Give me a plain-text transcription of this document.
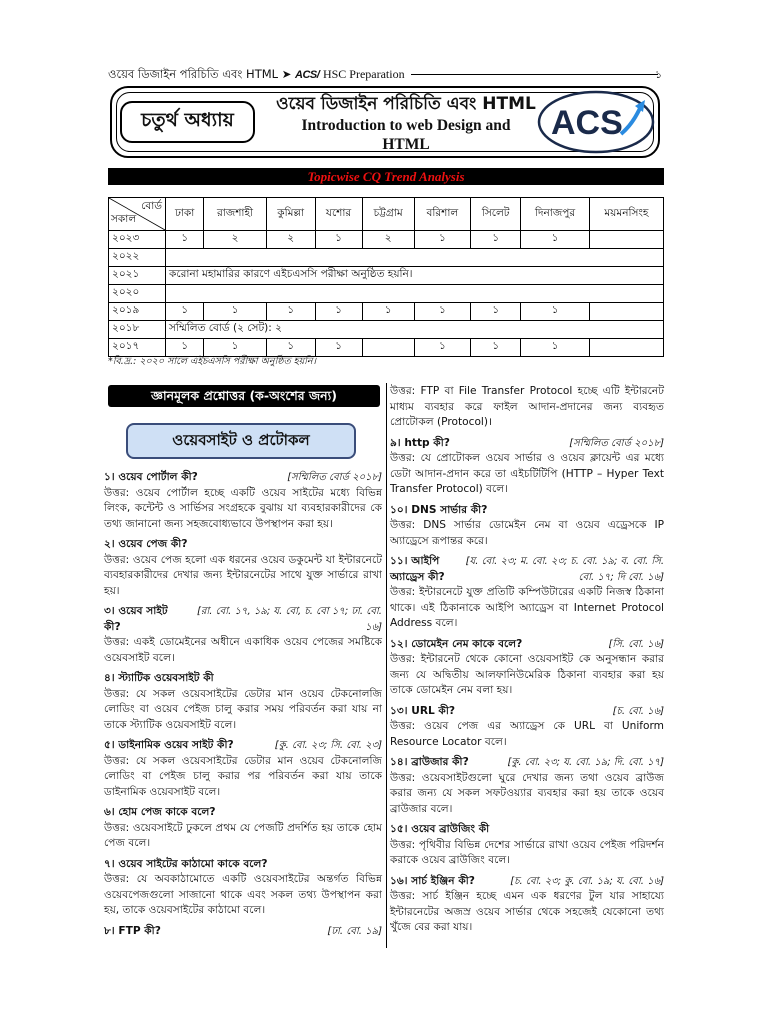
ওয়েব ডিজাইন পরিচিতি এবং HTML ➤ ACS/ HSC Preparation	১
চতুর্থ অধ্যায়
ওয়েব ডিজাইন পরিচিতি এবং HTML
Introduction to web Design and HTML
ACS
Topicwise CQ Trend Analysis
বোর্ড
সকাল	ঢাকা	রাজশাহী	কুমিল্লা	যশোর	চট্টগ্রাম	বরিশাল	সিলেট	দিনাজপুর	ময়মনসিংহ
২০২৩	১	২	২	১	২	১	১	১	
২০২২									
২০২১	করোনা মহামারির কারণে এইচএসসি পরীক্ষা অনুষ্ঠিত হয়নি।								
২০২০									
২০১৯	১	১	১	১	১	১	১	১	
২০১৮	সম্মিলিত বোর্ড (২ সেট): ২								
২০১৭	১	১	১	১		১	১	১	
*বি.দ্র.: ২০২০ সালে এইচএসসি পরীক্ষা অনুষ্ঠিত হয়নি।
জ্ঞানমূলক প্রশ্নোত্তর (ক-অংশের জন্য)
ওয়েবসাইট ও প্রটোকল
১। ওয়েব পোর্টাল কী?	[সম্মিলিত বোর্ড ২০১৮]
উত্তর: ওয়েব পোর্টাল হচ্ছে একটি ওয়েব সাইটের মধ্যে বিভিন্ন লিংক, কন্টেন্ট ও সার্ভিসর সংগ্রহকে বুঝায় যা ব্যবহারকারীদের কে তথ্য জানানো জন্য সহজবোধ্যভাবে উপস্থাপন করা হয়।
২। ওয়েব পেজ কী?
উত্তর: ওয়েব পেজ হলো এক ধরনের ওয়েব ডকুমেন্ট যা ইন্টারনেটে ব্যবহারকারীদের দেখার জন্য ইন্টারনেটের সাথে যুক্ত সার্ভারে রাখা হয়।
৩। ওয়েব সাইট কী?
[রা. বো. ১৭, ১৯; য. বো, চ. বো ১৭; ঢা. বো. ১৬]
উত্তর: একই ডোমেইনের অধীনে একাধিক ওয়েব পেজের সমষ্টিকে ওয়েবসাইট বলে।
৪। স্ট্যাটিক ওয়েবসাইট কী
উত্তর: যে সকল ওয়েবসাইটের ডেটার মান ওয়েব টেকনোলজি লোডিং বা ওয়েব পেইজ চালু করার সময় পরিবর্তন করা যায় না তাকে স্ট্যাটিক ওয়েবসাইট বলে।
৫। ডাইনামিক ওয়েব সাইট কী?	[কু. বো. ২৩; সি. বো. ২৩]
উত্তর: যে সকল ওয়েবসাইটের ডেটার মান ওয়েব টেকনোলজি লোডিং বা পেইজ চালু করার পর পরিবর্তন করা যায় তাকে ডাইনামিক ওয়েবসাইট বলে।
৬। হোম পেজ কাকে বলে?
উত্তর: ওয়েবসাইটে ঢুকলে প্রথম যে পেজটি প্রদর্শিত হয় তাকে হোম পেজ বলে।
৭। ওয়েব সাইটের কাঠামো কাকে বলে?
উত্তর: যে অবকাঠামোতে একটি ওয়েবসাইটের অন্তর্গত বিভিন্ন ওয়েবপেজগুলো সাজানো থাকে এবং সকল তথ্য উপস্থাপন করা হয়, তাকে ওয়েবসাইটের কাঠামো বলে।
৮। FTP কী?	[ঢা. বো. ১৯]
উত্তর: FTP বা File Transfer Protocol হচ্ছে এটি ইন্টারনেট মাধ্যম ব্যবহার করে ফাইল আদান-প্রদানের জন্য ব্যবহৃত প্রোটোকল (Protocol)।
৯। http কী?	[সম্মিলিত বোর্ড ২০১৮]
উত্তর: যে প্রোটোকল ওয়েব সার্ভার ও ওয়েব ক্লায়েন্ট এর মধ্যে ডেটা আদান-প্রদান করে তা এইচটিটিপি (HTTP – Hyper Text Transfer Protocol) বলে।
১০। DNS সার্ভার কী?
উত্তর: DNS সার্ভার ডোমেইন নেম বা ওয়েব এড্রেসকে IP অ্যাড্রেসে রূপান্তর করে।
১১। আইপি অ্যাড্রেস কী?
[য. বো. ২৩; ম. বো. ২৩; চ. বো. ১৯; ব. বো. সি. বো. ১৭; দি বো. ১৬]
উত্তর: ইন্টারনেটে যুক্ত প্রতিটি কম্পিউটারের একটি নিজস্ব ঠিকানা থাকে। এই ঠিকানাকে আইপি অ্যাড্রেস বা Internet Protocol Address বলে।
১২। ডোমেইন নেম কাকে বলে?	[সি. বো. ১৬]
উত্তর: ইন্টারনেট থেকে কোনো ওয়েবসাইট কে অনুসন্ধান করার জন্য যে অদ্বিতীয় আলফানিউমেরিক ঠিকানা ব্যবহার করা হয় তাকে ডোমেইন নেম বলা হয়।
১৩। URL কী?	[চ. বো. ১৬]
উত্তর: ওয়েব পেজ এর অ্যাড্রেস কে URL বা Uniform Resource Locator বলে।
১৪। ব্রাউজার কী?	[কু. বো. ২৩; য. বো. ১৯; দি. বো. ১৭]
উত্তর: ওয়েবসাইটগুলো ঘুরে দেখার জন্য তথা ওয়েব ব্রাউজ করার জন্য যে সকল সফটওয়্যার ব্যবহার করা হয় তাকে ওয়েব ব্রাউজার বলে।
১৫। ওয়েব ব্রাউজিং কী
উত্তর: পৃথিবীর বিভিন্ন দেশের সার্ভারে রাখা ওয়েব পেইজ পরিদর্শন করাকে ওয়েব ব্রাউজিং বলে।
১৬। সার্চ ইঞ্জিন কী?	[চ. বো. ২৩; কু. বো. ১৯; য. বো. ১৬]
উত্তর: সার্চ ইঞ্জিন হচ্ছে এমন এক ধরণের টুল যার সাহায্যে ইন্টারনেটের অজস্র ওয়েব সার্ভার থেকে সহজেই যেকোনো তথ্য খুঁজে বের করা যায়।
